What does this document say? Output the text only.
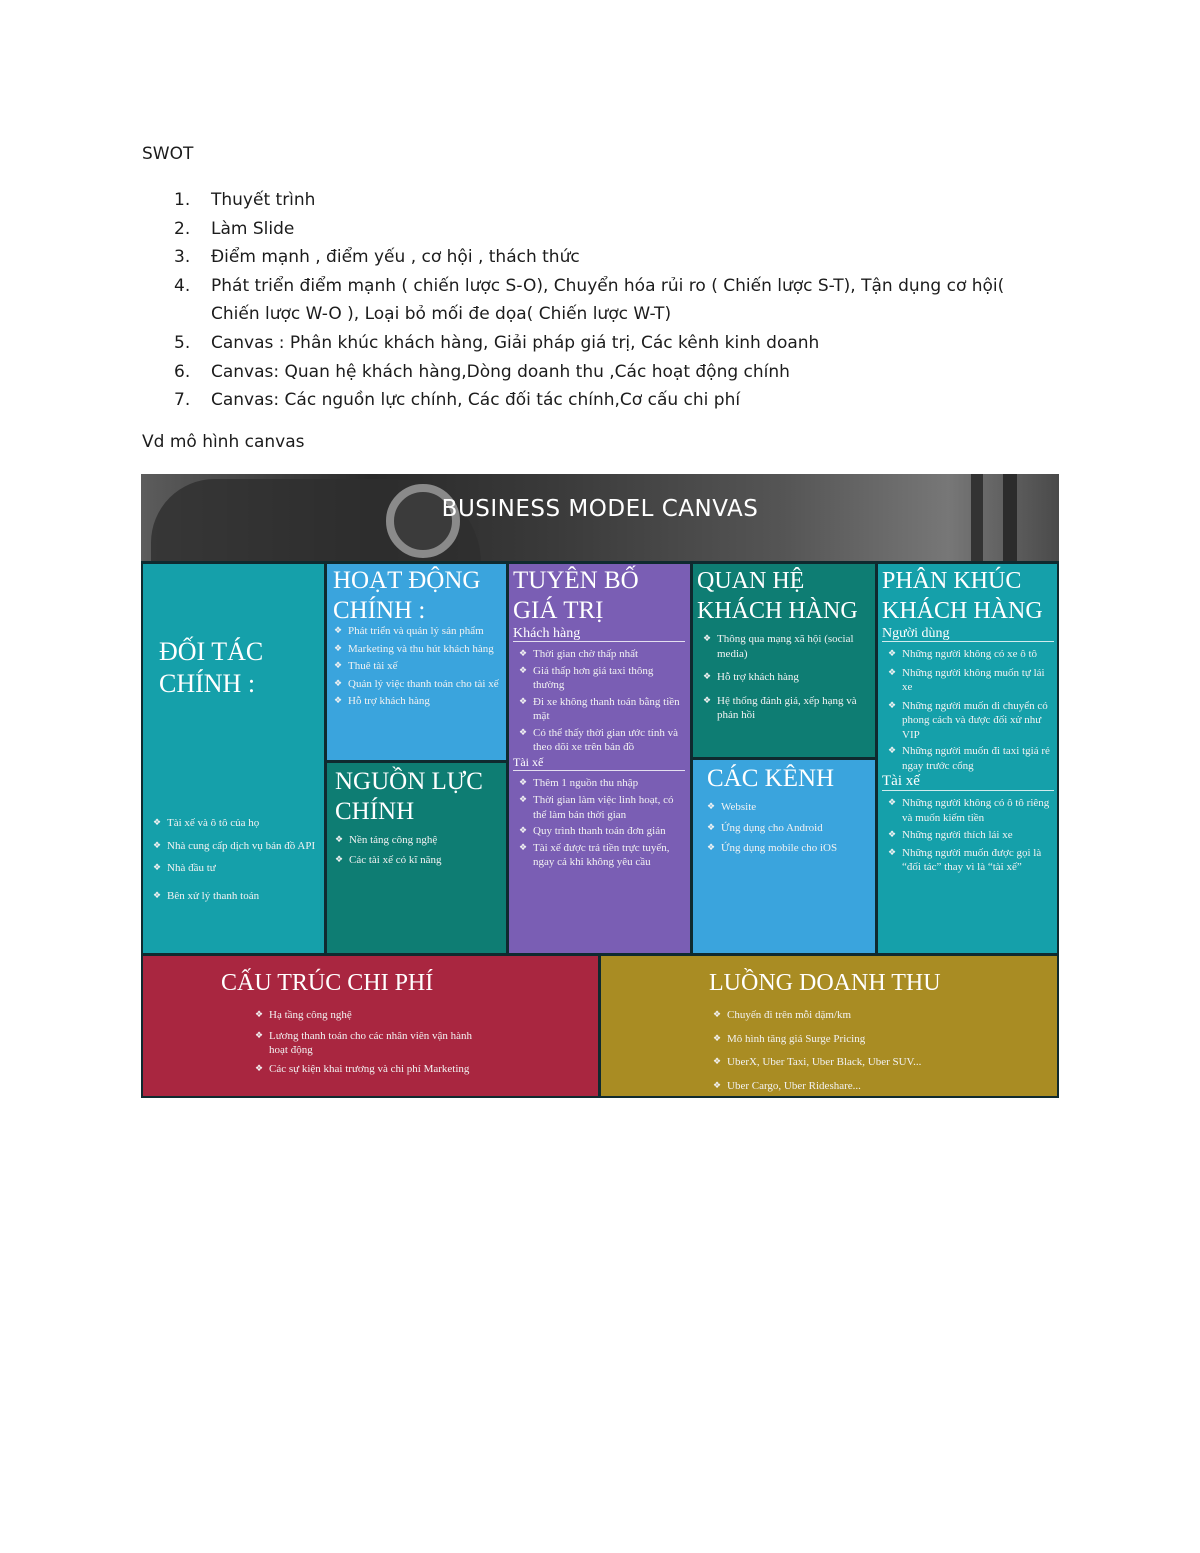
SWOT
1. Thuyết trình
2. Làm Slide
3. Điểm mạnh , điểm yếu , cơ hội , thách thức
4. Phát triển điểm mạnh ( chiến lược S-O), Chuyển hóa rủi ro ( Chiến lược S-T), Tận dụng cơ hội( Chiến lược W-O ), Loại bỏ mối đe dọa( Chiến lược W-T)
5. Canvas : Phân khúc khách hàng, Giải pháp giá trị, Các kênh kinh doanh
6. Canvas: Quan hệ khách hàng,Dòng doanh thu ,Các hoạt động chính
7. Canvas: Các nguồn lực chính, Các đối tác chính,Cơ cấu chi phí
Vd mô hình canvas
BUSINESS MODEL CANVAS

ĐỐI TÁC CHÍNH :

❖ Tài xế và ô tô của họ
❖ Nhà cung cấp dịch vụ bản đồ API
❖ Nhà đầu tư
❖ Bên xử lý thanh toán

HOẠT ĐỘNG CHÍNH :

❖ Phát triển và quản lý sản phẩm
❖ Marketing và thu hút khách hàng
❖ Thuê tài xế
❖ Quản lý việc thanh toán cho tài xế
❖ Hỗ trợ khách hàng

NGUỒN LỰC CHÍNH

❖ Nền tảng công nghệ
❖ Các tài xế có kĩ năng

TUYÊN BỐ GIÁ TRỊ

Khách hàng

❖ Thời gian chờ thấp nhất
❖ Giá thấp hơn giá taxi thông thường
❖ Đi xe không thanh toán bằng tiền mặt
❖ Có thể thấy thời gian ước tính và theo dõi xe trên bản đồ

Tài xế

❖ Thêm 1 nguồn thu nhập
❖ Thời gian làm việc linh hoạt, có thể làm bán thời gian
❖ Quy trình thanh toán đơn giản
❖ Tài xế được trả tiền trực tuyến, ngay cả khi không yêu cầu

QUAN HỆ KHÁCH HÀNG

❖ Thông qua mạng xã hội (social media)
❖ Hỗ trợ khách hàng
❖ Hệ thống đánh giá, xếp hạng và phản hồi

CÁC KÊNH

❖ Website
❖ Ứng dụng cho Android
❖ Ứng dụng mobile cho iOS

PHÂN KHÚC KHÁCH HÀNG

Người dùng

❖ Những người không có xe ô tô
❖ Những người không muốn tự lái xe
❖ Những người muốn di chuyển có phong cách và được đối xử như VIP
❖ Những người muốn đi taxi tgiá rẻ ngay trước cổng

Tài xế

❖ Những người không có ô tô riêng và muốn kiếm tiền
❖ Những người thích lái xe
❖ Những người muốn được gọi là “đối tác” thay vì là “tài xế”

CẤU TRÚC CHI PHÍ

❖ Hạ tầng công nghệ
❖ Lương thanh toán cho các nhân viên vận hành hoạt động
❖ Các sự kiện khai trương và chi phí Marketing

LUỒNG DOANH THU

❖ Chuyến đi trên mỗi dặm/km
❖ Mô hình tăng giá Surge Pricing
❖ UberX, Uber Taxi, Uber Black, Uber SUV...
❖ Uber Cargo, Uber Rideshare...
